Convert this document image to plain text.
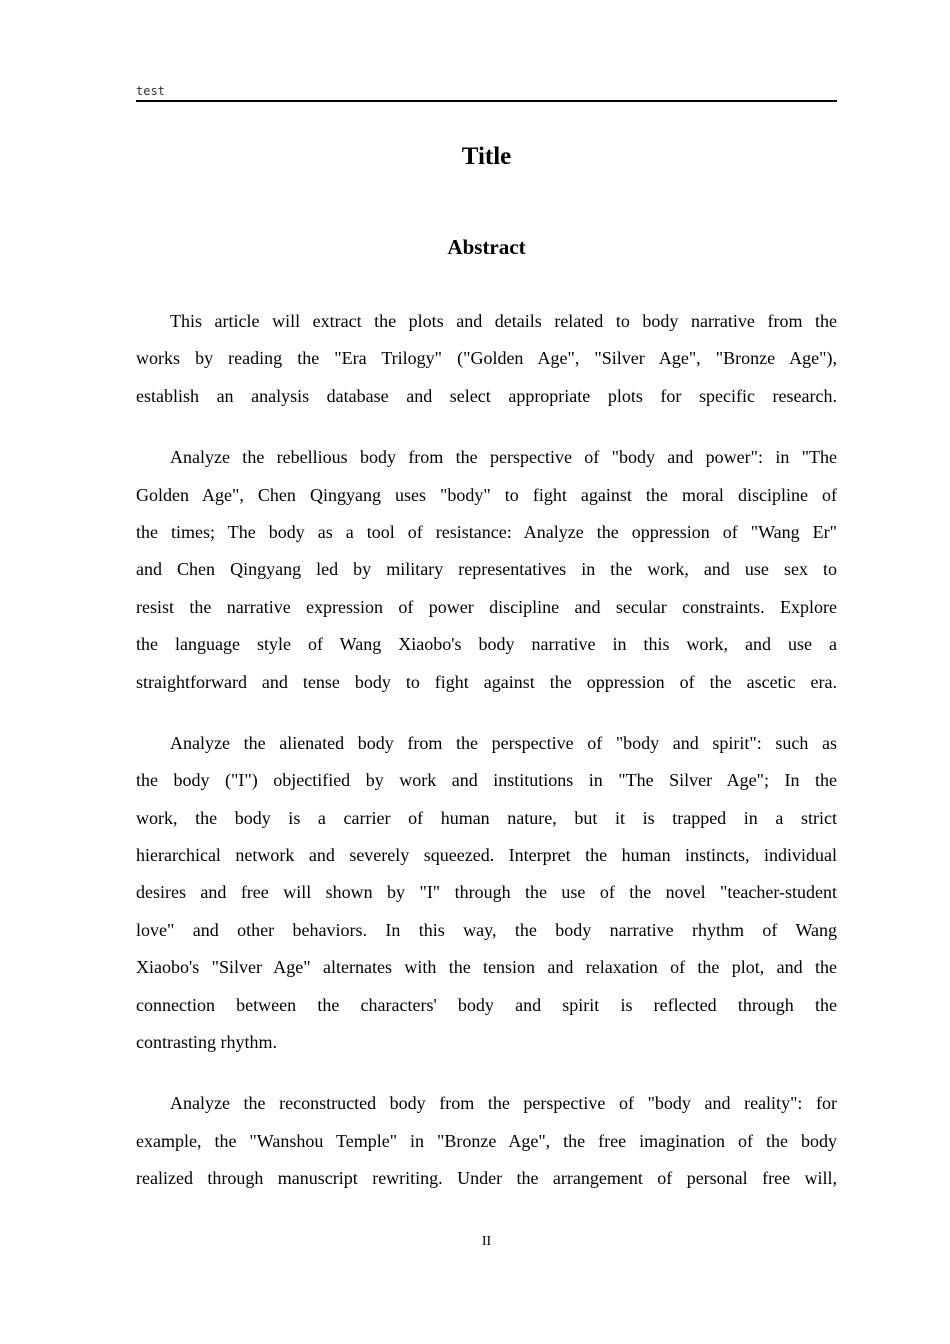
test
Title
Abstract

This article will extract the plots and details related to body narrative from the
works by reading the "Era Trilogy" ("Golden Age", "Silver Age", "Bronze Age"),
establish an analysis database and select appropriate plots for specific research.

Analyze the rebellious body from the perspective of "body and power": in "The
Golden Age", Chen Qingyang uses "body" to fight against the moral discipline of
the times; The body as a tool of resistance: Analyze the oppression of "Wang Er"
and Chen Qingyang led by military representatives in the work, and use sex to
resist the narrative expression of power discipline and secular constraints. Explore
the language style of Wang Xiaobo's body narrative in this work, and use a
straightforward and tense body to fight against the oppression of the ascetic era.

Analyze the alienated body from the perspective of "body and spirit": such as
the body ("I") objectified by work and institutions in "The Silver Age"; In the
work, the body is a carrier of human nature, but it is trapped in a strict
hierarchical network and severely squeezed. Interpret the human instincts, individual
desires and free will shown by "I" through the use of the novel "teacher-student
love" and other behaviors. In this way, the body narrative rhythm of Wang
Xiaobo's "Silver Age" alternates with the tension and relaxation of the plot, and the
connection between the characters' body and spirit is reflected through the
contrasting rhythm.

Analyze the reconstructed body from the perspective of "body and reality": for
example, the "Wanshou Temple" in "Bronze Age", the free imagination of the body
realized through manuscript rewriting. Under the arrangement of personal free will,

II
